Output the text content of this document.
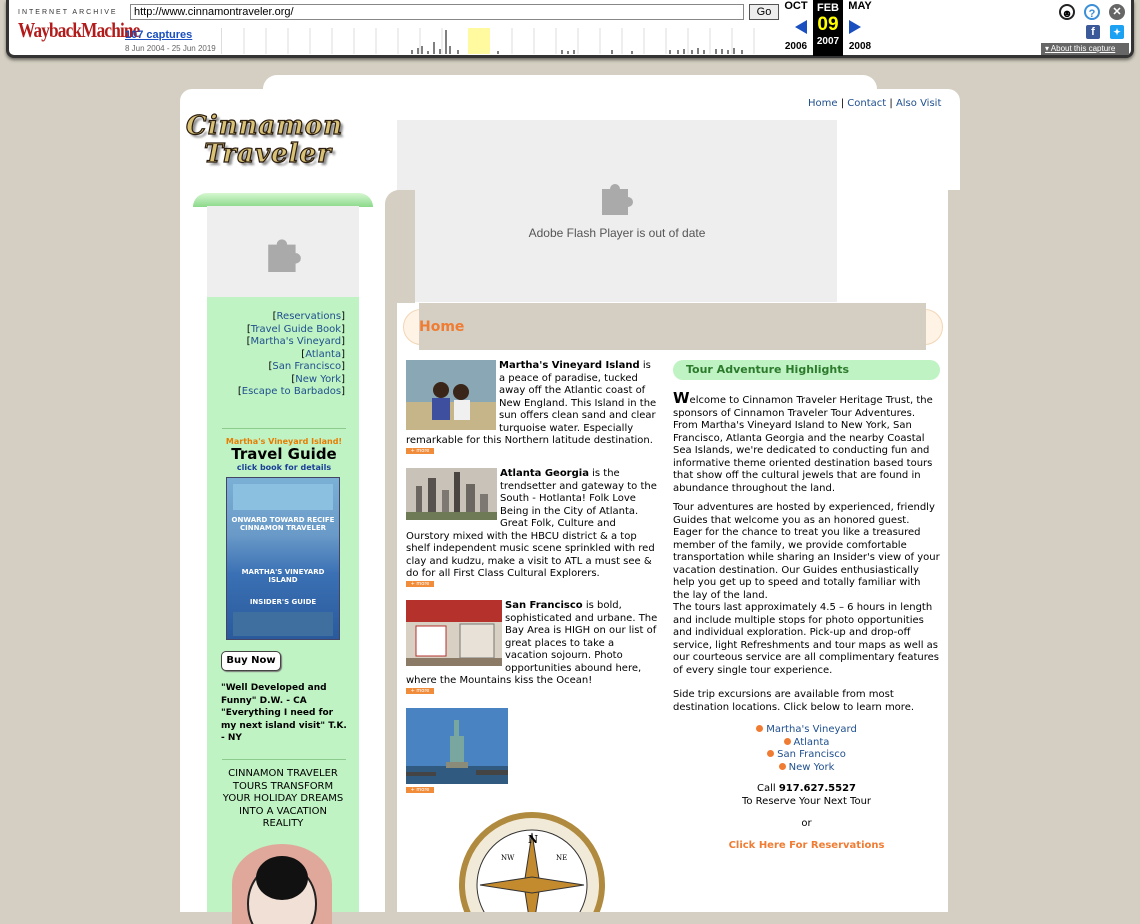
INTERNET ARCHIVE
WaybackMachine
http://www.cinnamontraveler.org/	Go
107 captures
8 Jun 2004 - 25 Jun 2019
OCT
2006
FEB
09
2007
MAY
2008
☻	?	✕
f	✦
▾ About this capture
Home | Contact | Also Visit
Cinnamon
Traveler
Adobe Flash Player is out of date
[Reservations]
[Travel Guide Book]
[Martha's Vineyard]
[Atlanta]
[San Francisco]
[New York]
[Escape to Barbados]
Martha's Vineyard Island!
Travel Guide
click book for details
ONWARD TOWARD RECIFE
CINNAMON TRAVELER
MARTHA'S VINEYARD
ISLAND
INSIDER'S GUIDE
Buy Now
"Well Developed and Funny" D.W. - CA
"Everything I need for my next island visit" T.K. - NY
CINNAMON TRAVELER TOURS TRANSFORM YOUR HOLIDAY DREAMS INTO A VACATION REALITY
Home
Martha's Vineyard Island is a peace of paradise, tucked away off the Atlantic coast of New England. This Island in the sun offers clean sand and clear turquoise water. Especially remarkable for this Northern latitude destination.
+ more
Atlanta Georgia is the trendsetter and gateway to the South - Hotlanta! Folk Love Being in the City of Atlanta. Great Folk, Culture and Ourstory mixed with the HBCU district & a top shelf independent music scene sprinkled with red clay and kudzu, make a visit to ATL a must see & do for all First Class Cultural Explorers.
+ more
San Francisco is bold, sophisticated and urbane. The Bay Area is HIGH on our list of great places to take a vacation sojourn. Photo opportunities abound here, where the Mountains kiss the Ocean!
+ more
+ more
N
NW	NE
Tour Adventure Highlights
Welcome to Cinnamon Traveler Heritage Trust, the sponsors of Cinnamon Traveler Tour Adventures. From Martha's Vineyard Island to New York, San Francisco, Atlanta Georgia and the nearby Coastal Sea Islands, we're dedicated to conducting fun and informative theme oriented destination based tours that show off the cultural jewels that are found in abundance throughout the land.
Tour adventures are hosted by experienced, friendly Guides that welcome you as an honored guest. Eager for the chance to treat you like a treasured member of the family, we provide comfortable transportation while sharing an Insider's view of your vacation destination. Our Guides enthusiastically help you get up to speed and totally familiar with the lay of the land.
The tours last approximately 4.5 – 6 hours in length and include multiple stops for photo opportunities and individual exploration. Pick-up and drop-off service, light Refreshments and tour maps as well as our courteous service are all complimentary features of every single tour experience.
Side trip excursions are available from most destination locations. Click below to learn more.
Martha's Vineyard
Atlanta
San Francisco
New York
Call 917.627.5527
To Reserve Your Next Tour
or
Click Here For Reservations
